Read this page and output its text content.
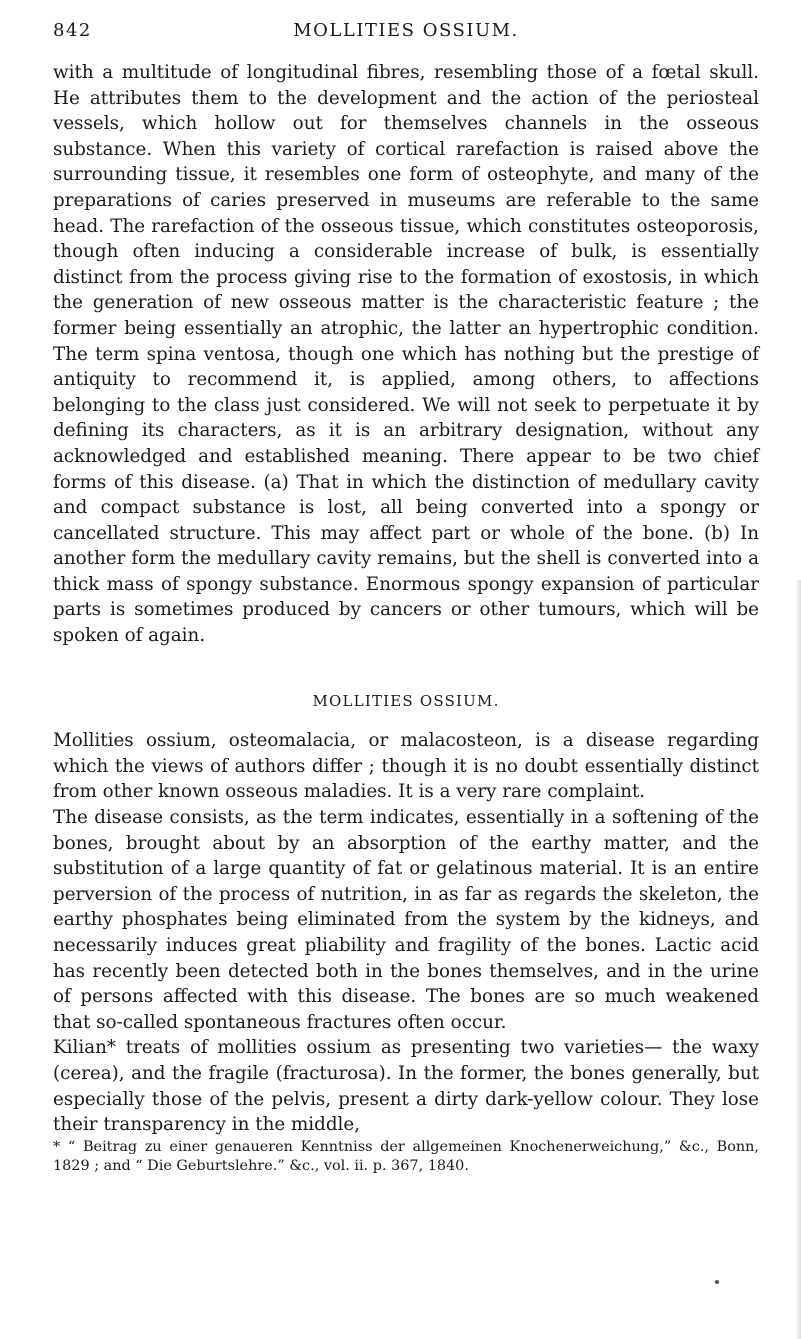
842	MOLLITIES OSSIUM.

with a multitude of longitudinal fibres, resembling those of a fœtal skull. He attributes them to the development and the action of the periosteal vessels, which hollow out for themselves channels in the osseous substance. When this variety of cortical rarefaction is raised above the surrounding tissue, it resembles one form of osteophyte, and many of the preparations of caries preserved in museums are referable to the same head. The rarefaction of the osseous tissue, which constitutes osteoporosis, though often inducing a considerable increase of bulk, is essentially distinct from the process giving rise to the formation of exostosis, in which the generation of new osseous matter is the characteristic feature ; the former being essentially an atrophic, the latter an hypertrophic condition. The term spina ventosa, though one which has nothing but the prestige of antiquity to recommend it, is applied, among others, to affections belonging to the class just considered. We will not seek to perpetuate it by defining its characters, as it is an arbitrary designation, without any acknowledged and established meaning. There appear to be two chief forms of this disease. (a) That in which the distinction of medullary cavity and compact substance is lost, all being converted into a spongy or cancellated structure. This may affect part or whole of the bone. (b) In another form the medullary cavity remains, but the shell is converted into a thick mass of spongy substance. Enormous spongy expansion of particular parts is sometimes produced by cancers or other tumours, which will be spoken of again.

MOLLITIES OSSIUM.

Mollities ossium, osteomalacia, or malacosteon, is a disease regarding which the views of authors differ ; though it is no doubt essentially distinct from other known osseous maladies. It is a very rare complaint.

The disease consists, as the term indicates, essentially in a softening of the bones, brought about by an absorption of the earthy matter, and the substitution of a large quantity of fat or gelatinous material. It is an entire perversion of the process of nutrition, in as far as regards the skeleton, the earthy phosphates being eliminated from the system by the kidneys, and necessarily induces great pliability and fragility of the bones. Lactic acid has recently been detected both in the bones themselves, and in the urine of persons affected with this disease. The bones are so much weakened that so-called spontaneous fractures often occur.

Kilian* treats of mollities ossium as presenting two varieties— the waxy (cerea), and the fragile (fracturosa). In the former, the bones generally, but especially those of the pelvis, present a dirty dark-yellow colour. They lose their transparency in the middle,

* “ Beitrag zu einer genaueren Kenntniss der allgemeinen Knochenerweichung,” &c., Bonn, 1829 ; and “ Die Geburtslehre.” &c., vol. ii. p. 367, 1840.
